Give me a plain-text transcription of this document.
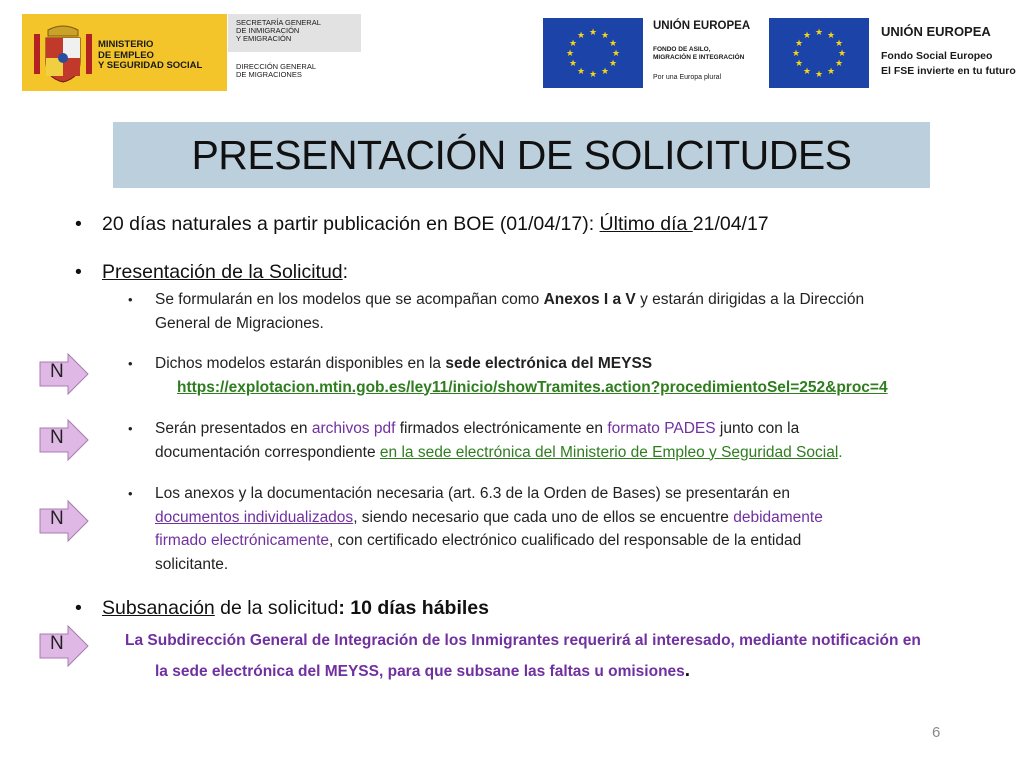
MINISTERIO
DE EMPLEO
Y SEGURIDAD SOCIAL
SECRETARÍA GENERAL
DE INMIGRACIÓN
Y EMIGRACIÓN
DIRECCIÓN GENERAL
DE MIGRACIONES
★ ★
★
★
★
★
★
★
★
★
★
★
UNIÓN EUROPEA
FONDO DE ASILO,
MIGRACIÓN E INTEGRACIÓN
Por una Europa plural
★ ★
★
★
★
★
★
★
★
★
★
★	UNIÓN EUROPEA
Fondo Social Europeo
El FSE invierte en tu futuro
PRESENTACIÓN DE SOLICITUDES
• 20 días naturales a partir publicación en BOE (01/04/17): Último día 21/04/17
• Presentación de la Solicitud:
• Se formularán en los modelos que se acompañan como Anexos I a V y estarán dirigidas a la Dirección
General de Migraciones.
• Dichos modelos estarán disponibles en la sede electrónica del MEYSS
https://explotacion.mtin.gob.es/ley11/inicio/showTramites.action?procedimientoSel=252&proc=4
• Serán presentados en archivos pdf firmados electrónicamente en formato PADES junto con la
documentación correspondiente en la sede electrónica del Ministerio de Empleo y Seguridad Social.
• Los anexos y la documentación necesaria (art. 6.3 de la Orden de Bases) se presentarán en
documentos individualizados, siendo necesario que cada uno de ellos se encuentre debidamente
firmado electrónicamente, con certificado electrónico cualificado del responsable de la entidad
solicitante.
• Subsanación de la solicitud: 10 días hábiles
La Subdirección General de Integración de los Inmigrantes requerirá al interesado, mediante notificación en
la sede electrónica del MEYSS, para que subsane las faltas u omisiones.
N
N
N
N
6
